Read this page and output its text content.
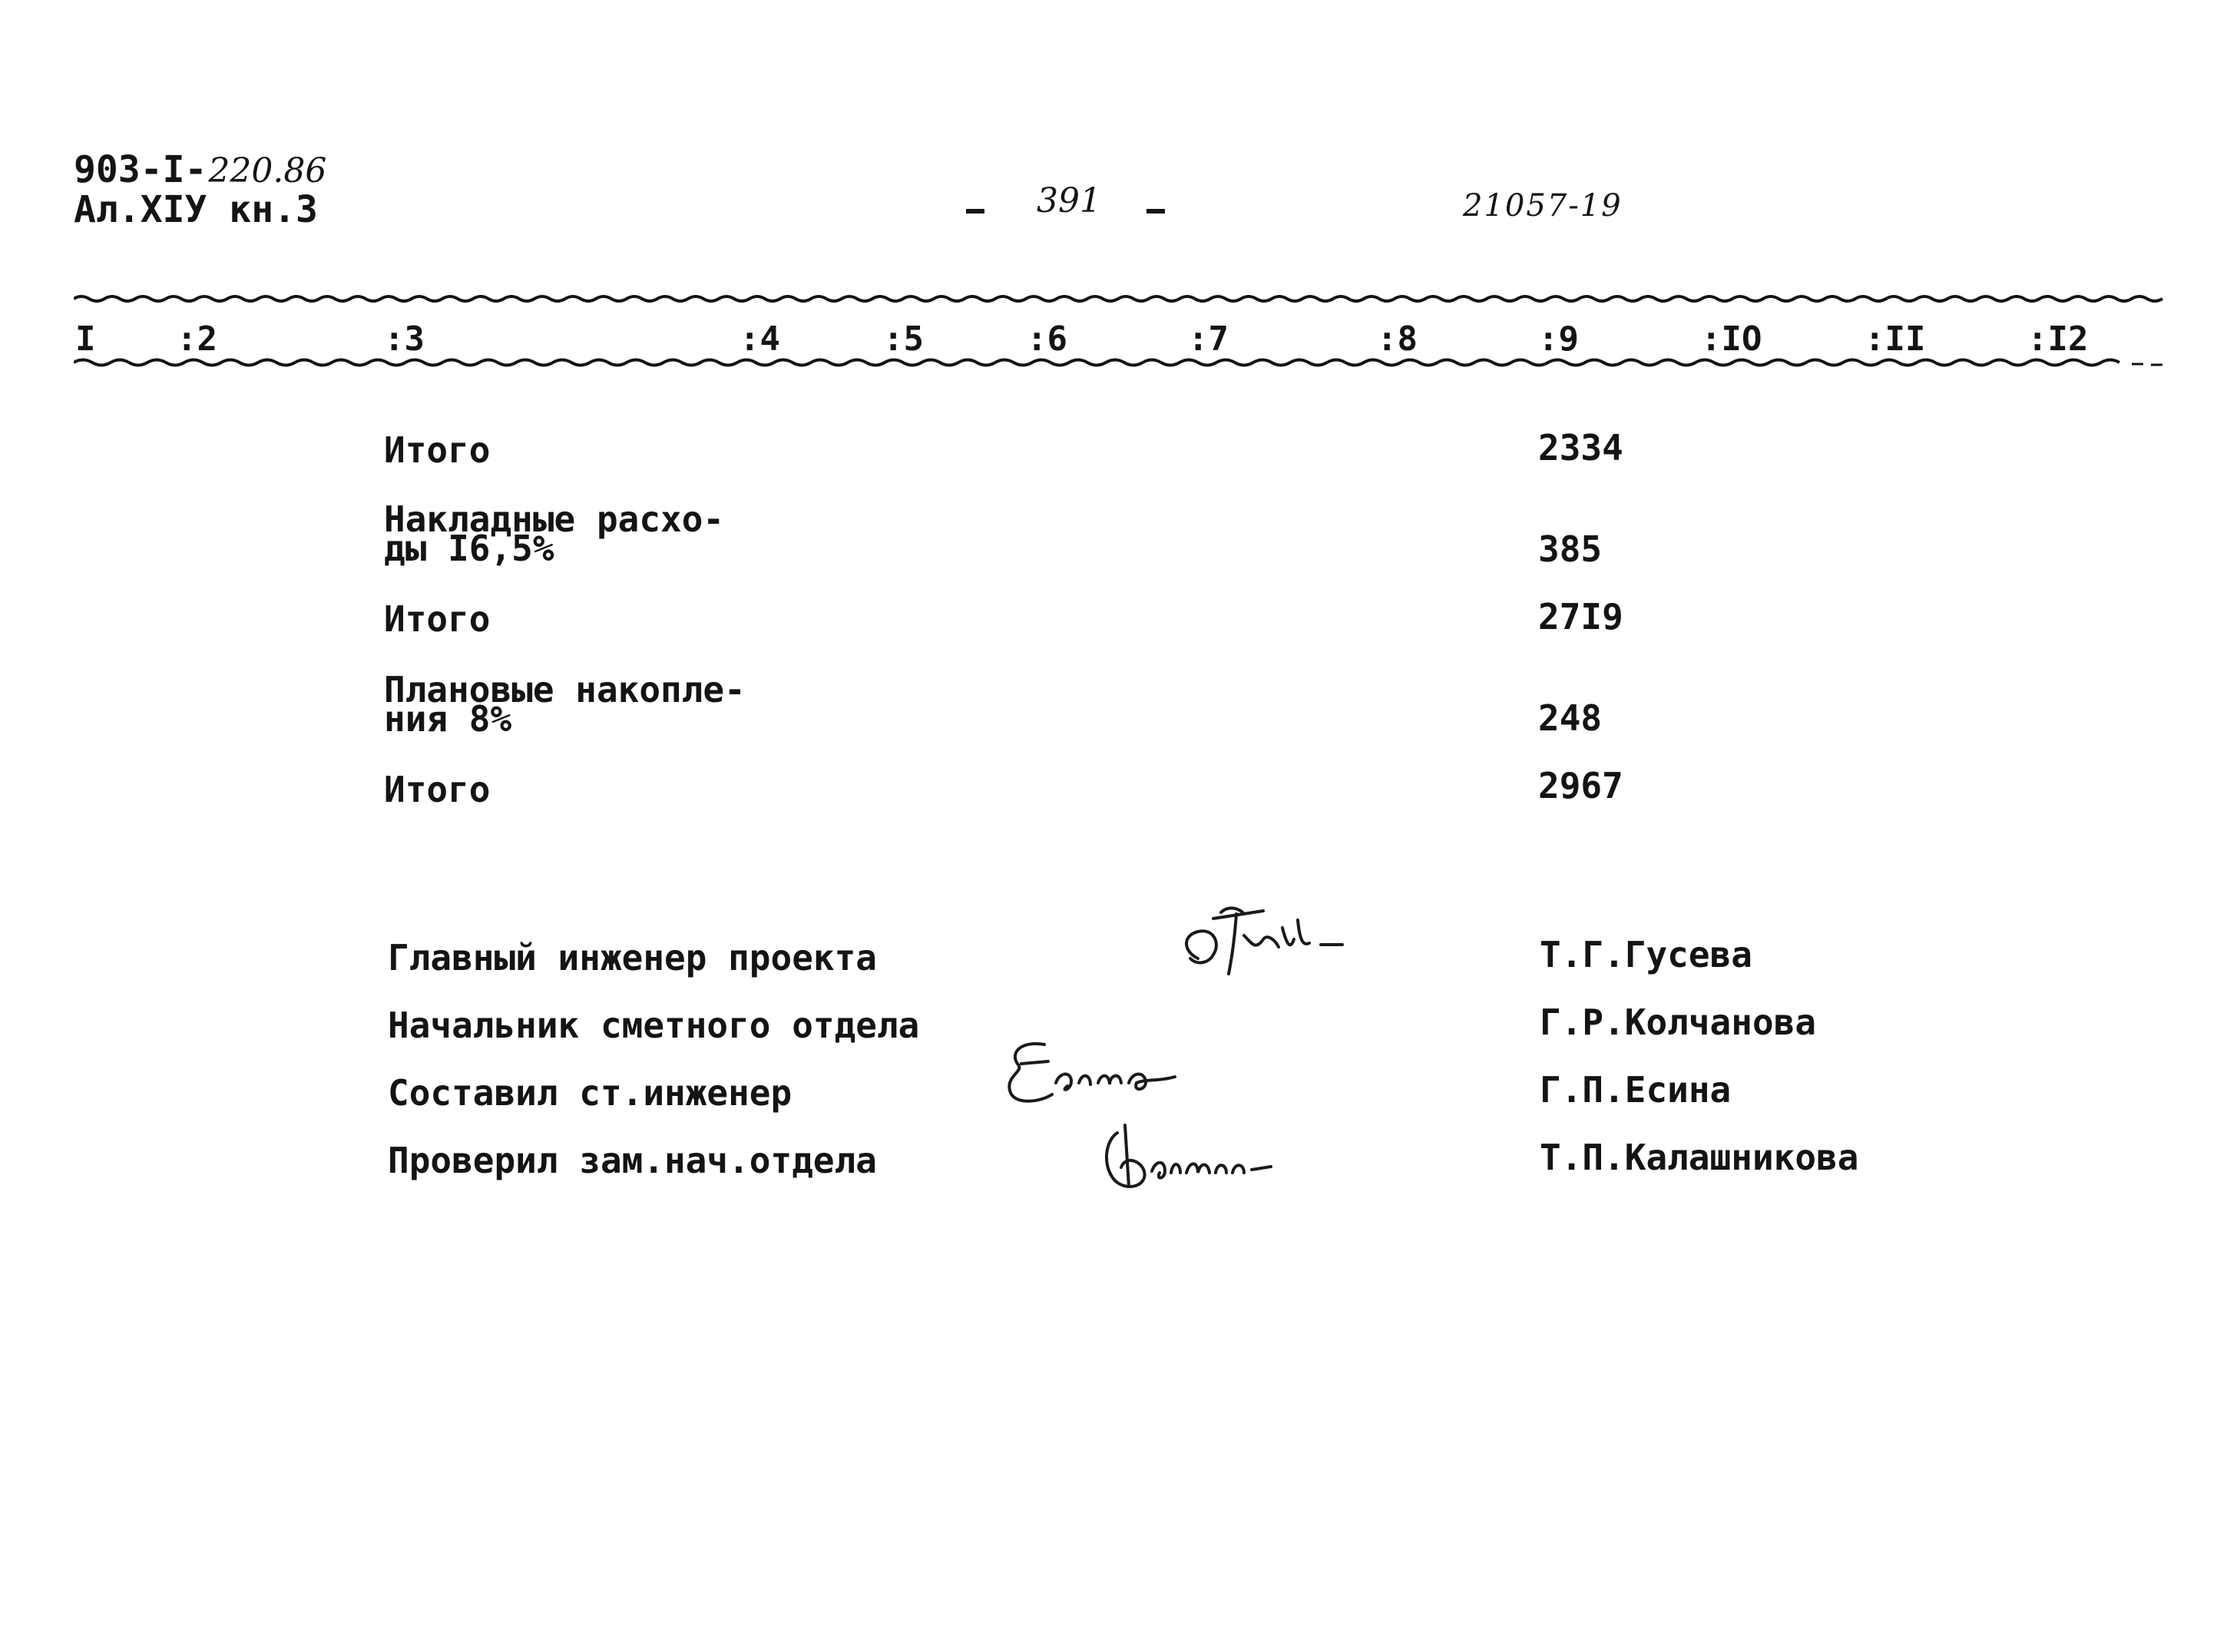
903-I-220.86
Ал.XIУ кн.3	391	21057-19
I :2	:3	:4	:5	:6	:7	:8	:9	:IO	:II	:I2
Итого	2334
Накладные расхо-
ды I6,5%	385
Итого	27I9
Плановые накопле-
ния 8%	248
Итого	2967
Главный инженер проекта	Т.Г.Гусева
Начальник сметного отдела	Г.Р.Колчанова
Составил ст.инженер	Г.П.Есина
Проверил зам.нач.отдела	Т.П.Калашникова
